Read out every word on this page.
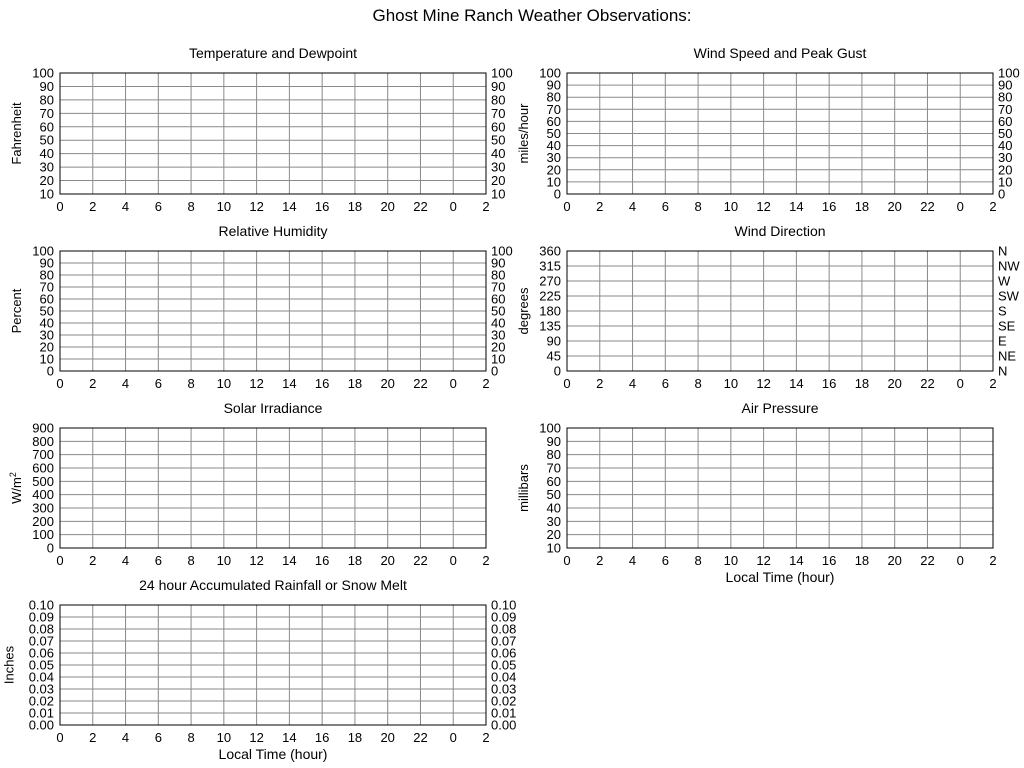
Ghost Mine Ranch Weather Observations:
Temperature and Dewpoint
0 2 4 6 8 10 12 14 16 18 20 22 0 2
10
20
30
40
50
60
70
80
90
100
10
20
30
40
50
60
70
80
90
100
Fahrenheit
Wind Speed and Peak Gust
0 2 4 6 8 10 12 14 16 18 20 22 0 2
0
10
20
30
40
50
60
70
80
90
100
0
10
20
30
40
50
60
70
80
90
100
miles/hour
Relative Humidity
0 2 4 6 8 10 12 14 16 18 20 22 0 2
0
10
20
30
40
50
60
70
80
90
100
0
10
20
30
40
50
60
70
80
90
100
Percent
Wind Direction
0 2 4 6 8 10 12 14 16 18 20 22 0 2
0
45
90
135
180
225
270
315
360
N
NE
E
SE
S
SW
W
NW
N
degrees
Solar Irradiance
0 2 4 6 8 10 12 14 16 18 20 22 0 2
0
100
200
300
400
500
600
700
800
900
$W/m^2$
Air Pressure
0 2 4 6 8 10 12 14 16 18 20 22 0 2
10
20
30
40
50
60
70
80
90
100
millibars
Local Time (hour)
24 hour Accumulated Rainfall or Snow Melt
0 2 4 6 8 10 12 14 16 18 20 22 0 2
0.00
0.01
0.02
0.03
0.04
0.05
0.06
0.07
0.08
0.09
0.10
0.00
0.01
0.02
0.03
0.04
0.05
0.06
0.07
0.08
0.09
0.10
Inches
Local Time (hour)
